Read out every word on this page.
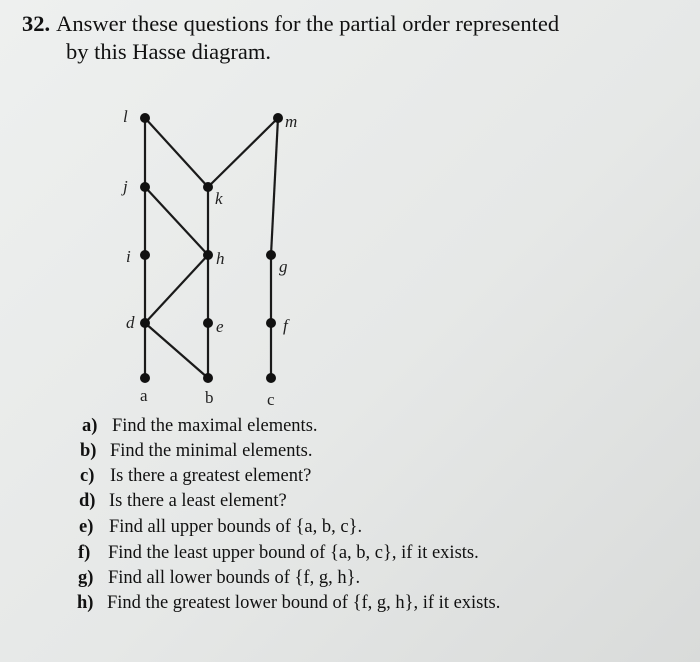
32. Answer these questions for the partial order represented
by this Hasse diagram.
l	m
j
k
i	h	g
d	e	f
a	b	c
a) Find the maximal elements.
b) Find the minimal elements.
c) Is there a greatest element?
d) Is there a least element?
e) Find all upper bounds of {a, b, c}.
f) Find the least upper bound of {a, b, c}, if it exists.
g) Find all lower bounds of {f, g, h}.
h) Find the greatest lower bound of {f, g, h}, if it exists.
